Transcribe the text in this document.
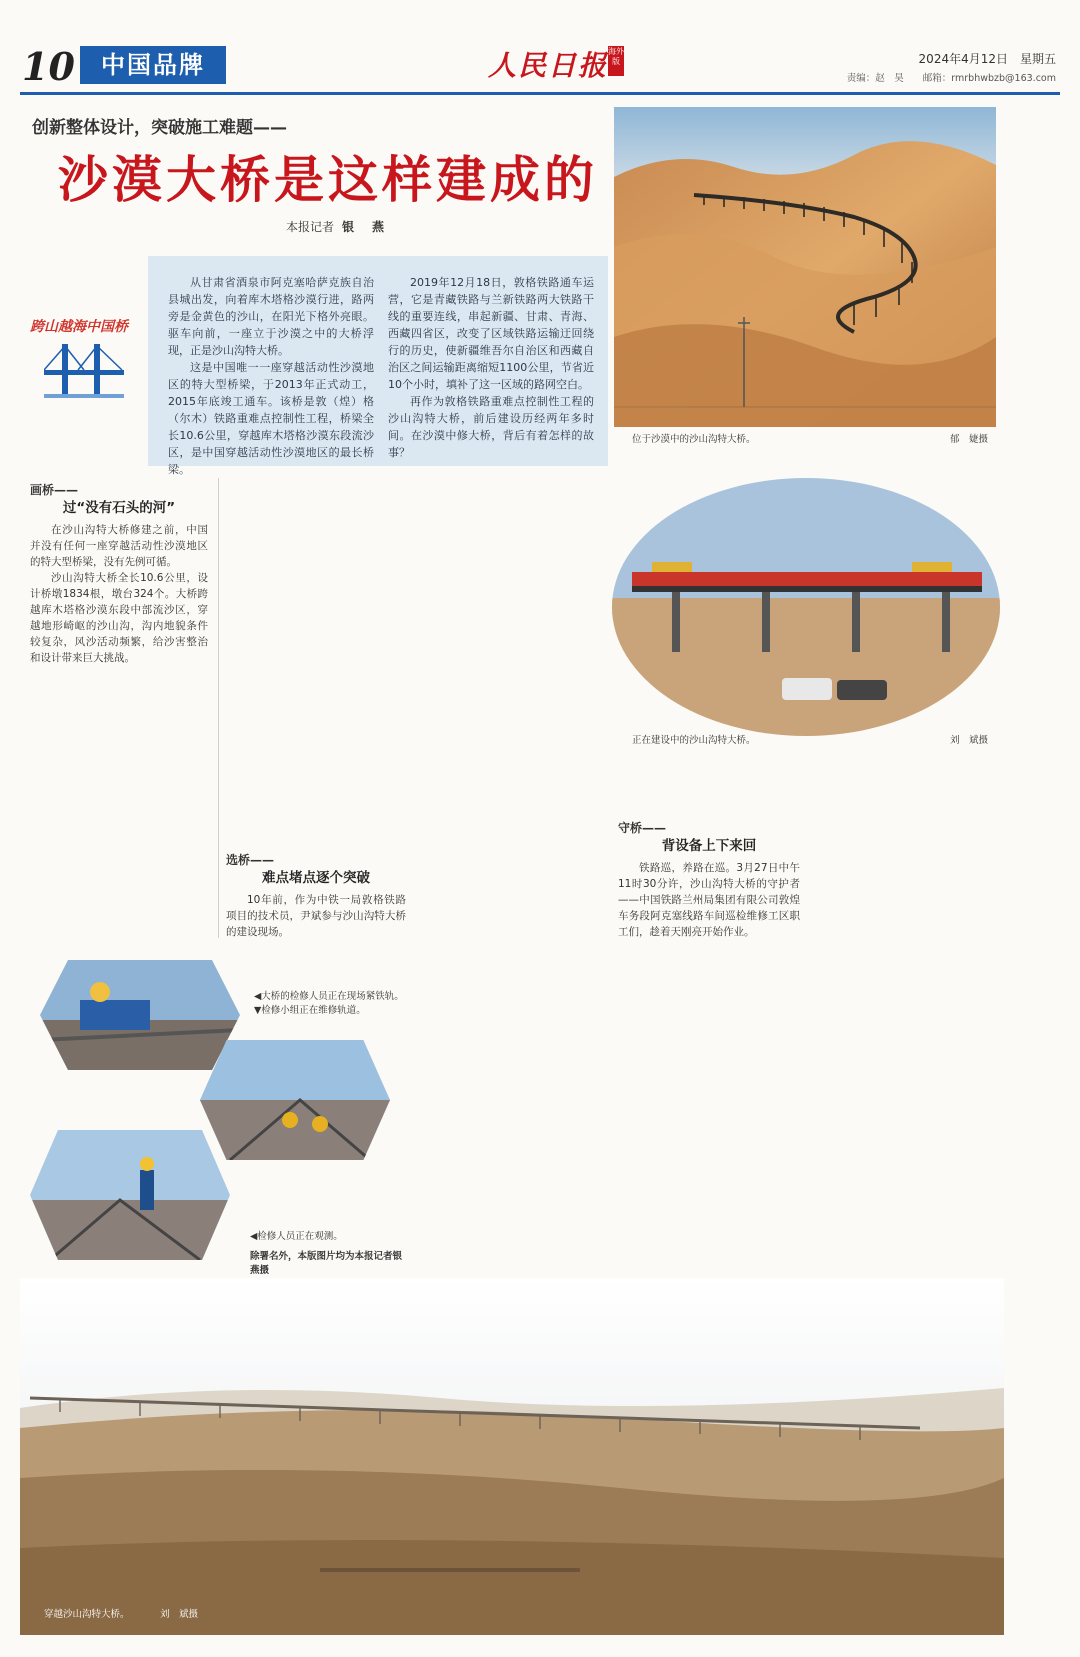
10	中国品牌	人民日报 海外版	2024年4月12日　星期五
责编：赵　昊　　邮箱：rmrbhwbzb@163.com
创新整体设计，突破施工难题——
沙漠大桥是这样建成的
本报记者 银　燕
跨山越海中国桥

从甘肃省酒泉市阿克塞哈萨克族自治县城出发，向着库木塔格沙漠行进，路两旁是金黄色的沙山，在阳光下格外亮眼。驱车向前，一座立于沙漠之中的大桥浮现，正是沙山沟特大桥。

这是中国唯一一座穿越活动性沙漠地区的特大型桥梁，于2013年正式动工，2015年底竣工通车。该桥是敦（煌）格（尔木）铁路重难点控制性工程，桥梁全长10.6公里，穿越库木塔格沙漠东段流沙区，是中国穿越活动性沙漠地区的最长桥梁。

2019年12月18日，敦格铁路通车运营，它是青藏铁路与兰新铁路两大铁路干线的重要连线，串起新疆、甘肃、青海、西藏四省区，改变了区域铁路运输迂回绕行的历史，使新疆维吾尔自治区和西藏自治区之间运输距离缩短1100公里，节省近10个小时，填补了这一区域的路网空白。

再作为敦格铁路重难点控制性工程的沙山沟特大桥，前后建设历经两年多时间。在沙漠中修大桥，背后有着怎样的故事？

位于沙漠中的沙山沟特大桥。	郁　婕摄
画桥——
过“没有石头的河”

在沙山沟特大桥修建之前，中国并没有任何一座穿越活动性沙漠地区的特大型桥梁，没有先例可循。

沙山沟特大桥全长10.6公里，设计桥墩1834根，墩台324个。大桥跨越库木塔格沙漠东段中部流沙区，穿越地形崎岖的沙山沟，沟内地貌条件较复杂，风沙活动频繁，给沙害整治和设计带来巨大挑战。

选桥——
难点堵点逐个突破

10年前，作为中铁一局敦格铁路项目的技术员，尹斌参与沙山沟特大桥的建设现场。

正在建设中的沙山沟特大桥。	刘　斌摄
守桥——
背设备上下来回

铁路巡，养路在巡。3月27日中午11时30分许，沙山沟特大桥的守护者——中国铁路兰州局集团有限公司敦煌车务段阿克塞线路车间巡检维修工区职工们，趁着天刚亮开始作业。

◀大桥的检修人员正在现场紧铁轨。
▼检修小组正在维修轨道。
◀检修人员正在观测。
除署名外，本版图片均为本报记者银燕摄
穿越沙山沟特大桥。	刘　斌摄
